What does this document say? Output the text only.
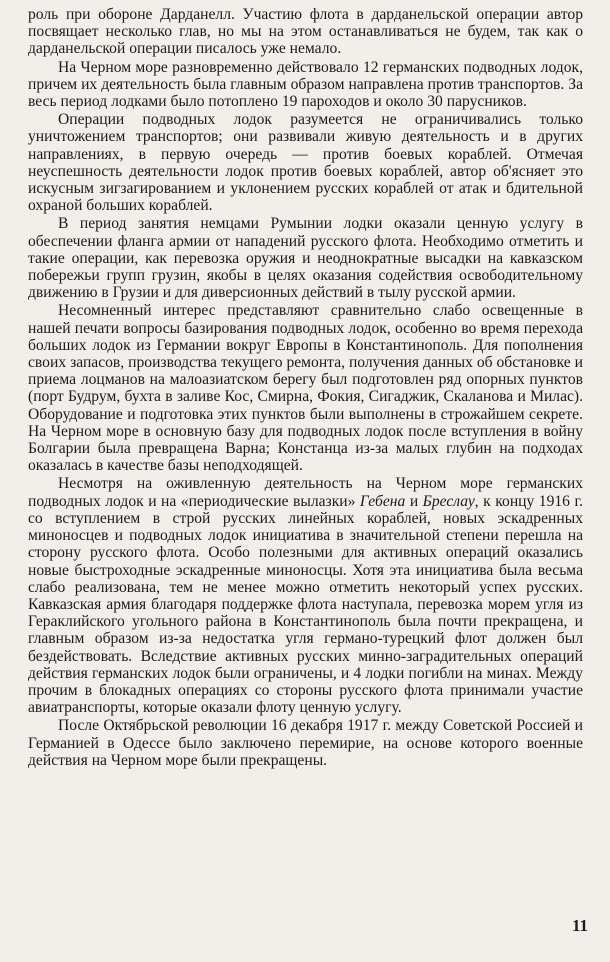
роль при обороне Дарданелл. Участию флота в дарданельской операции автор посвящает несколько глав, но мы на этом останавливаться не будем, так как о дарданельской операции писалось уже немало.

На Черном море разновременно действовало 12 германских подводных лодок, причем их деятельность была главным образом направлена против транспортов. За весь период лодками было потоплено 19 пароходов и около 30 парусников.

Операции подводных лодок разумеется не ограничивались только уничтожением транспортов; они развивали живую деятельность и в других направлениях, в первую очередь — против боевых кораблей. Отмечая неуспешность деятельности лодок против боевых кораблей, автор об'ясняет это искусным зигзагированием и уклонением русских кораблей от атак и бдительной охраной больших кораблей.

В период занятия немцами Румынии лодки оказали ценную услугу в обеспечении фланга армии от нападений русского флота. Необходимо отметить и такие операции, как перевозка оружия и неоднократные высадки на кавказском побережьи групп грузин, якобы в целях оказания содействия освободительному движению в Грузии и для диверсионных действий в тылу русской армии.

Несомненный интерес представляют сравнительно слабо освещенные в нашей печати вопросы базирования подводных лодок, особенно во время перехода больших лодок из Германии вокруг Европы в Константинополь. Для пополнения своих запасов, производства текущего ремонта, получения данных об обстановке и приема лоцманов на малоазиатском берегу был подготовлен ряд опорных пунктов (порт Будрум, бухта в заливе Кос, Смирна, Фокия, Сигаджик, Скаланова и Милас). Оборудование и подготовка этих пунктов были выполнены в строжайшем секрете. На Черном море в основную базу для подводных лодок после вступления в войну Болгарии была превращена Варна; Констанца из-за малых глубин на подходах оказалась в качестве базы неподходящей.

Несмотря на оживленную деятельность на Черном море германских подводных лодок и на «периодические вылазки» Гебена и Бреслау, к концу 1916 г. со вступлением в строй русских линейных кораблей, новых эскадренных миноносцев и подводных лодок инициатива в значительной степени перешла на сторону русского флота. Особо полезными для активных операций оказались новые быстроходные эскадренные миноносцы. Хотя эта инициатива была весьма слабо реализована, тем не менее можно отметить некоторый успех русских. Кавказская армия благодаря поддержке флота наступала, перевозка морем угля из Гераклийского угольного района в Константинополь была почти прекращена, и главным образом из-за недостатка угля германо-турецкий флот должен был бездействовать. Вследствие активных русских минно-заградительных операций действия германских лодок были ограничены, и 4 лодки погибли на минах. Между прочим в блокадных операциях со стороны русского флота принимали участие авиатранспорты, которые оказали флоту ценную услугу.

После Октябрьской революции 16 декабря 1917 г. между Советской Россией и Германией в Одессе было заключено перемирие, на основе которого военные действия на Черном море были прекращены.

11
